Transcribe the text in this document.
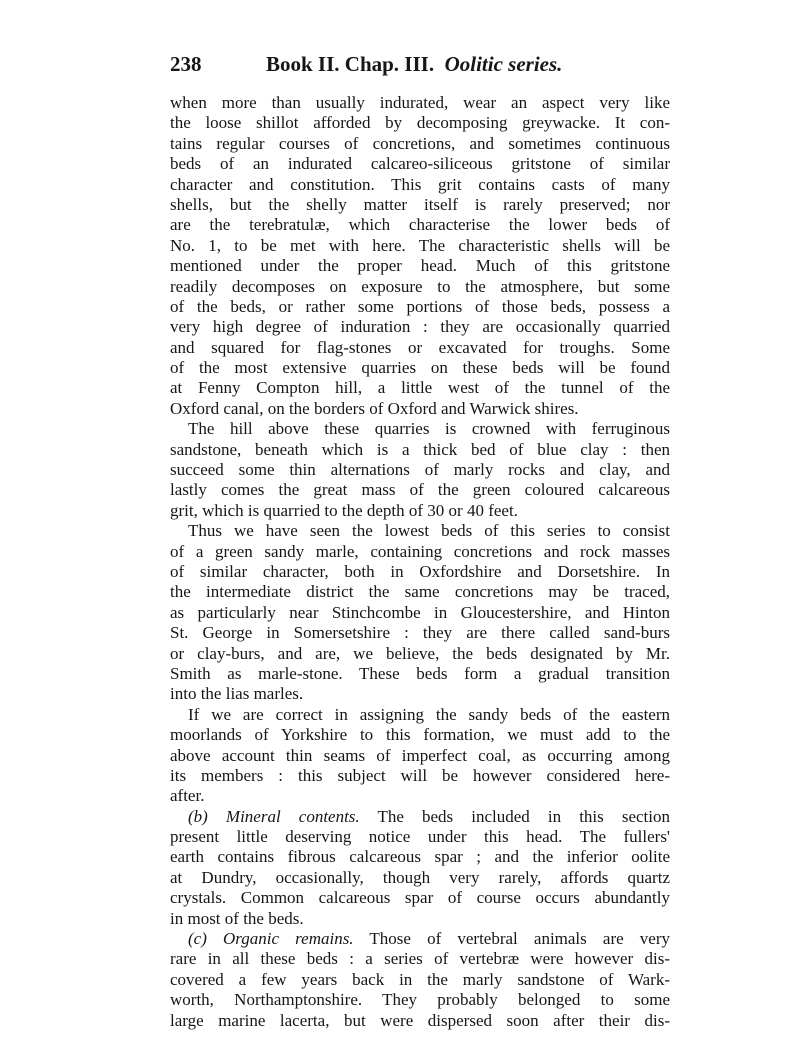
238	Book II. Chap. III. Oolitic series.
when more than usually indurated, wear an aspect very like
the loose shillot afforded by decomposing greywacke. It con-
tains regular courses of concretions, and sometimes continuous
beds of an indurated calcareo-siliceous gritstone of similar
character and constitution. This grit contains casts of many
shells, but the shelly matter itself is rarely preserved; nor
are the terebratulæ, which characterise the lower beds of
No. 1, to be met with here. The characteristic shells will be
mentioned under the proper head. Much of this gritstone
readily decomposes on exposure to the atmosphere, but some
of the beds, or rather some portions of those beds, possess a
very high degree of induration : they are occasionally quarried
and squared for flag-stones or excavated for troughs. Some
of the most extensive quarries on these beds will be found
at Fenny Compton hill, a little west of the tunnel of the
Oxford canal, on the borders of Oxford and Warwick shires.
The hill above these quarries is crowned with ferruginous
sandstone, beneath which is a thick bed of blue clay : then
succeed some thin alternations of marly rocks and clay, and
lastly comes the great mass of the green coloured calcareous
grit, which is quarried to the depth of 30 or 40 feet.
Thus we have seen the lowest beds of this series to consist
of a green sandy marle, containing concretions and rock masses
of similar character, both in Oxfordshire and Dorsetshire. In
the intermediate district the same concretions may be traced,
as particularly near Stinchcombe in Gloucestershire, and Hinton
St. George in Somersetshire : they are there called sand-burs
or clay-burs, and are, we believe, the beds designated by Mr.
Smith as marle-stone. These beds form a gradual transition
into the lias marles.
If we are correct in assigning the sandy beds of the eastern
moorlands of Yorkshire to this formation, we must add to the
above account thin seams of imperfect coal, as occurring among
its members : this subject will be however considered here-
after.
(b) Mineral contents. The beds included in this section
present little deserving notice under this head. The fullers'
earth contains fibrous calcareous spar ; and the inferior oolite
at Dundry, occasionally, though very rarely, affords quartz
crystals. Common calcareous spar of course occurs abundantly
in most of the beds.
(c) Organic remains. Those of vertebral animals are very
rare in all these beds : a series of vertebræ were however dis-
covered a few years back in the marly sandstone of Wark-
worth, Northamptonshire. They probably belonged to some
large marine lacerta, but were dispersed soon after their dis-
